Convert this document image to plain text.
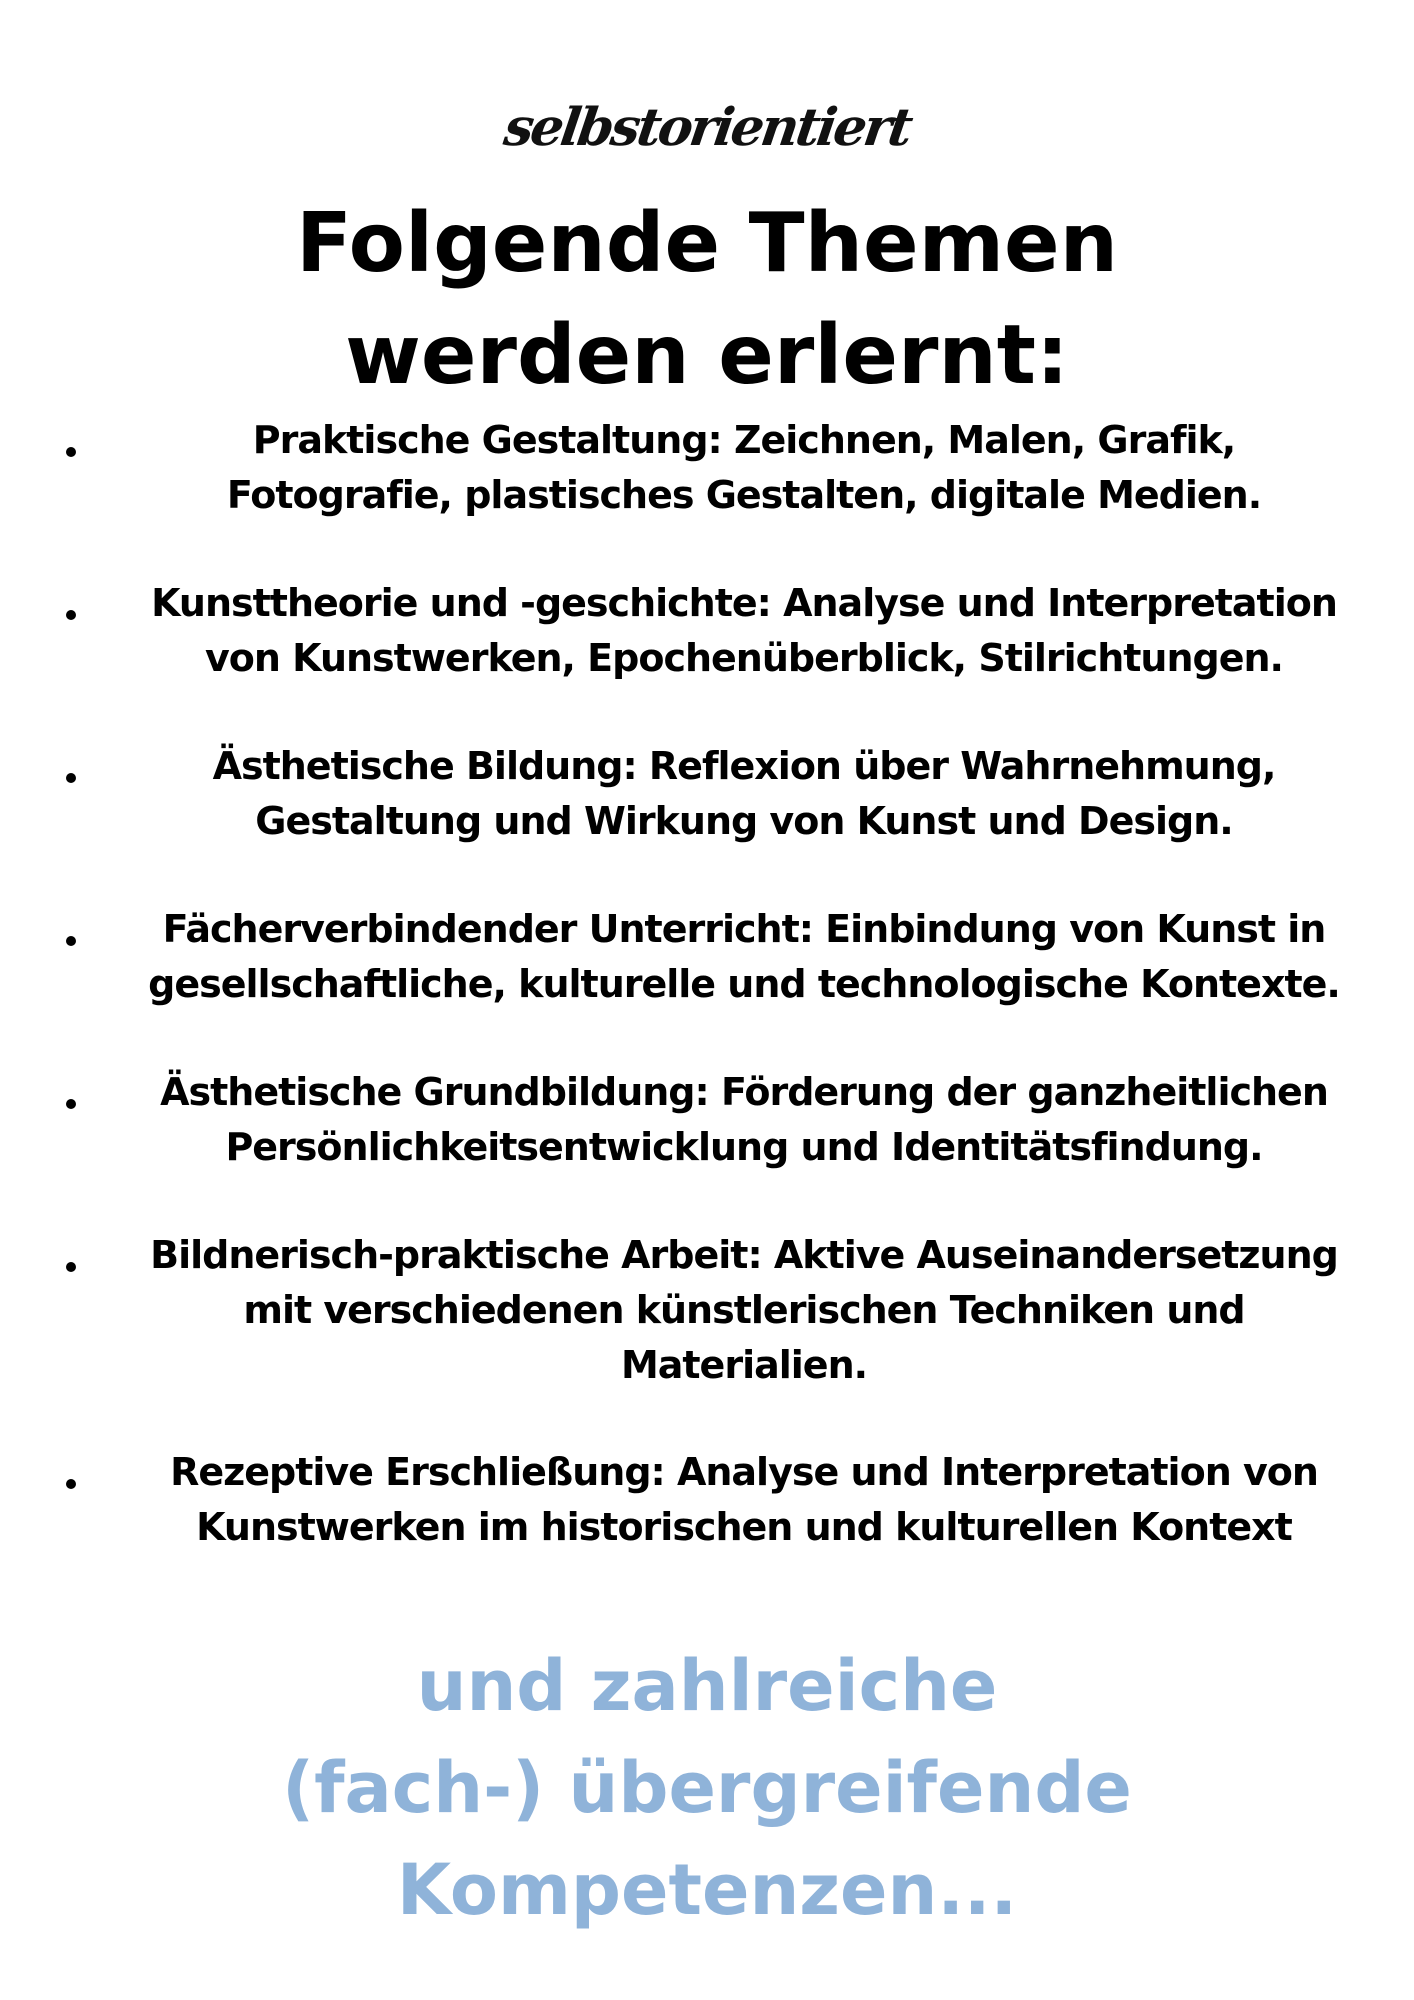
selbstorientiert
Folgende Themen
werden erlernt:
Praktische Gestaltung: Zeichnen, Malen, Grafik,
Fotografie, plastisches Gestalten, digitale Medien.
Kunsttheorie und -geschichte: Analyse und Interpretation
von Kunstwerken, Epochenüberblick, Stilrichtungen.
Ästhetische Bildung: Reflexion über Wahrnehmung,
Gestaltung und Wirkung von Kunst und Design.
Fächerverbindender Unterricht: Einbindung von Kunst in
gesellschaftliche, kulturelle und technologische Kontexte.
Ästhetische Grundbildung: Förderung der ganzheitlichen
Persönlichkeitsentwicklung und Identitätsfindung.
Bildnerisch-praktische Arbeit: Aktive Auseinandersetzung
mit verschiedenen künstlerischen Techniken und
Materialien.
Rezeptive Erschließung: Analyse und Interpretation von
Kunstwerken im historischen und kulturellen Kontext
und zahlreiche
(fach-) übergreifende
Kompetenzen...
